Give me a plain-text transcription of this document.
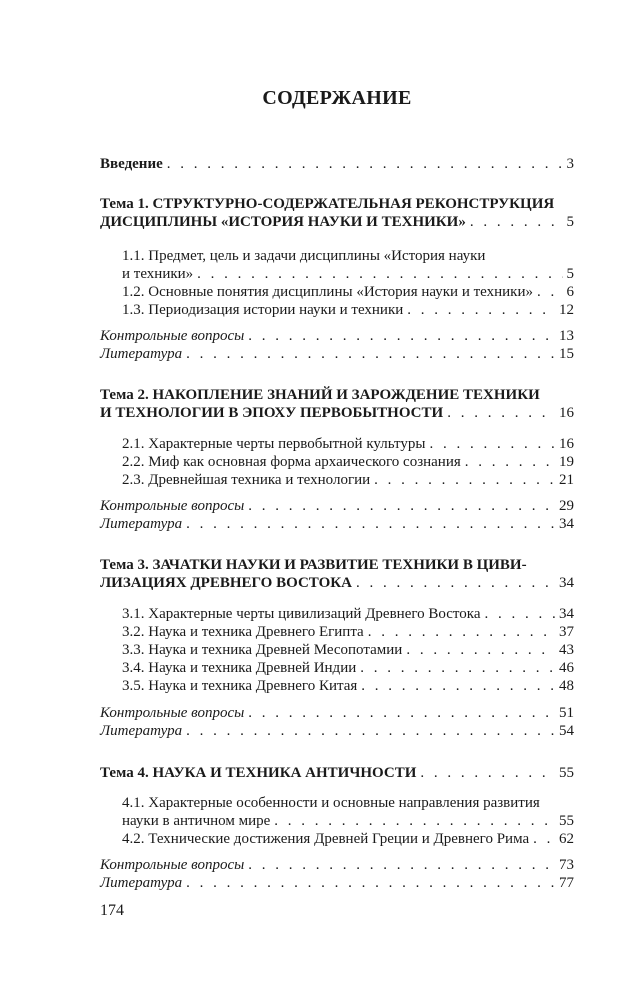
СОДЕРЖАНИЕ
Введение . . .	3
Тема 1. СТРУКТУРНО-СОДЕРЖАТЕЛЬНАЯ РЕКОНСТРУКЦИЯ
ДИСЦИПЛИНЫ «ИСТОРИЯ НАУКИ И ТЕХНИКИ» . . .	5
1.1. Предмет, цель и задачи дисциплины «История науки
и техники» . . .	5
1.2. Основные понятия дисциплины «История науки и техники» . . . 6
1.3. Периодизация истории науки и техники . . .	12
Контрольные вопросы . . .	13
Литература . . .	15
Тема 2. НАКОПЛЕНИЕ ЗНАНИЙ И ЗАРОЖДЕНИЕ ТЕХНИКИ
И ТЕХНОЛОГИИ В ЭПОХУ ПЕРВОБЫТНОСТИ . . .	16
2.1. Характерные черты первобытной культуры . . .	16
2.2. Миф как основная форма архаического сознания . . .	19
2.3. Древнейшая техника и технологии . . .	21
Контрольные вопросы . . .	29
Литература . . .	34
Тема 3. ЗАЧАТКИ НАУКИ И РАЗВИТИЕ ТЕХНИКИ В ЦИВИ-
ЛИЗАЦИЯХ ДРЕВНЕГО ВОСТОКА . . .	34
3.1. Характерные черты цивилизаций Древнего Востока . . .	34
3.2. Наука и техника Древнего Египта . . .	37
3.3. Наука и техника Древней Месопотамии . . .	43
3.4. Наука и техника Древней Индии . . .	46
3.5. Наука и техника Древнего Китая . . .	48
Контрольные вопросы . . .	51
Литература . . .	54
Тема 4. НАУКА И ТЕХНИКА АНТИЧНОСТИ . . .	55
4.1. Характерные особенности и основные направления развития
науки в античном мире . . .	55
4.2. Технические достижения Древней Греции и Древнего Рима . . . 62
Контрольные вопросы . . .	73
Литература . . .	77
174
